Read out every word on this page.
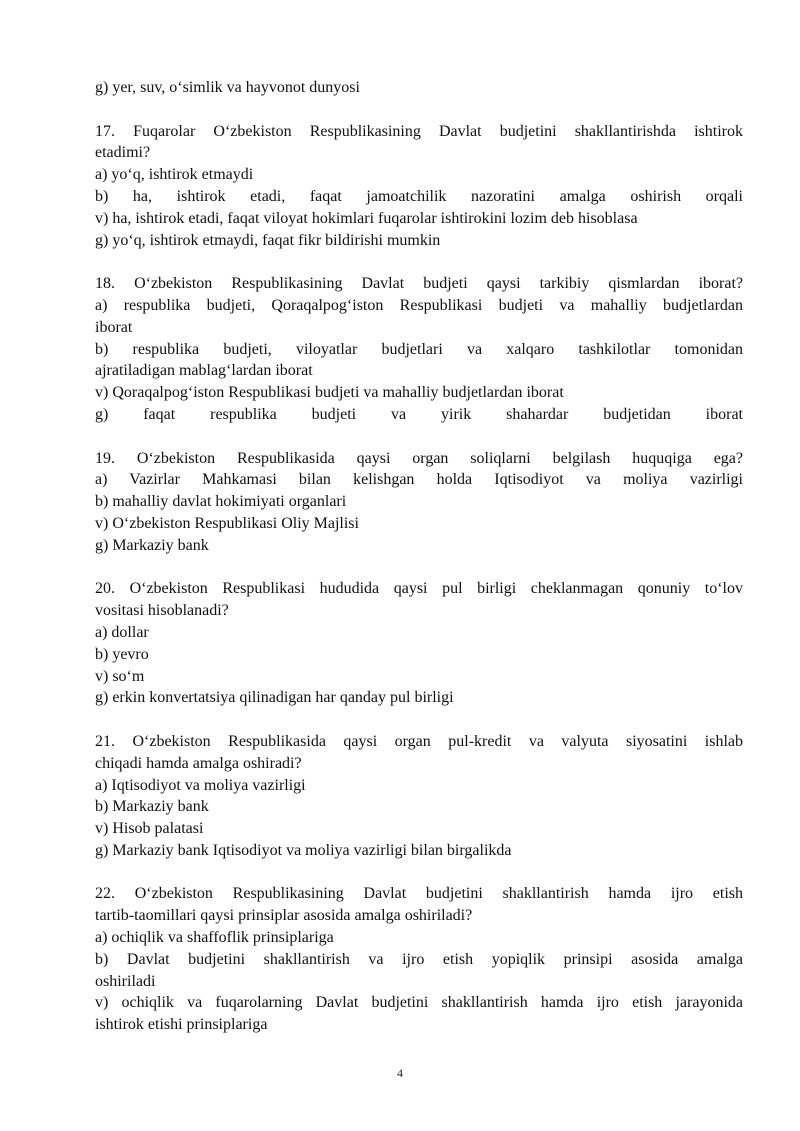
g) yer, suv, o‘simlik va hayvonot dunyosi
17. Fuqarolar O‘zbekiston Respublikasining Davlat budjetini shakllantirishda ishtirok
etadimi?
a) yo‘q, ishtirok etmaydi
b) ha, ishtirok etadi, faqat jamoatchilik nazoratini amalga oshirish orqali
v) ha, ishtirok etadi, faqat viloyat hokimlari fuqarolar ishtirokini lozim deb hisoblasa
g) yo‘q, ishtirok etmaydi, faqat fikr bildirishi mumkin
18. O‘zbekiston Respublikasining Davlat budjeti qaysi tarkibiy qismlardan iborat?
a) respublika budjeti, Qoraqalpog‘iston Respublikasi budjeti va mahalliy budjetlardan
iborat
b) respublika budjeti, viloyatlar budjetlari va xalqaro tashkilotlar tomonidan
ajratiladigan mablag‘lardan iborat
v) Qoraqalpog‘iston Respublikasi budjeti va mahalliy budjetlardan iborat
g) faqat respublika budjeti va yirik shahardar budjetidan iborat
19. O‘zbekiston Respublikasida qaysi organ soliqlarni belgilash huquqiga ega?
a) Vazirlar Mahkamasi bilan kelishgan holda Iqtisodiyot va moliya vazirligi
b) mahalliy davlat hokimiyati organlari
v) O‘zbekiston Respublikasi Oliy Majlisi
g) Markaziy bank
20. O‘zbekiston Respublikasi hududida qaysi pul birligi cheklanmagan qonuniy to‘lov
vositasi hisoblanadi?
a) dollar
b) yevro
v) so‘m
g) erkin konvertatsiya qilinadigan har qanday pul birligi
21. O‘zbekiston Respublikasida qaysi organ pul-kredit va valyuta siyosatini ishlab
chiqadi hamda amalga oshiradi?
a) Iqtisodiyot va moliya vazirligi
b) Markaziy bank
v) Hisob palatasi
g) Markaziy bank Iqtisodiyot va moliya vazirligi bilan birgalikda
22. O‘zbekiston Respublikasining Davlat budjetini shakllantirish hamda ijro etish
tartib-taomillari qaysi prinsiplar asosida amalga oshiriladi?
a) ochiqlik va shaffoflik prinsiplariga
b) Davlat budjetini shakllantirish va ijro etish yopiqlik prinsipi asosida amalga
oshiriladi
v) ochiqlik va fuqarolarning Davlat budjetini shakllantirish hamda ijro etish jarayonida
ishtirok etishi prinsiplariga
4
